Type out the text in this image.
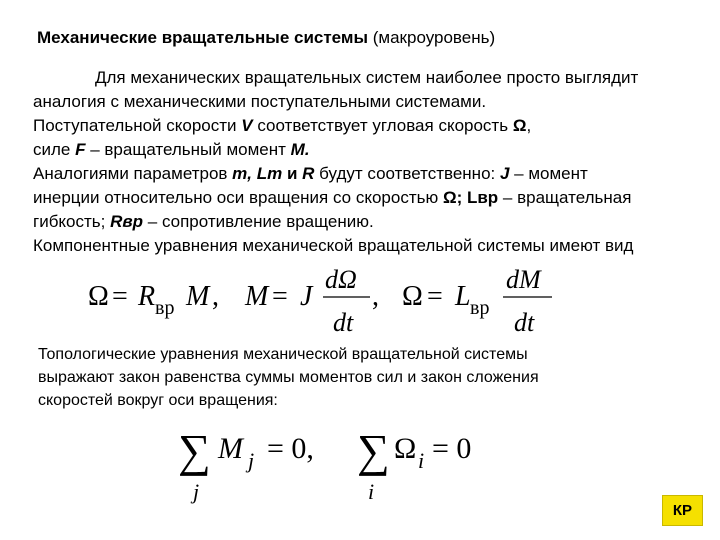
Механические вращательные системы (макроуровень)
Для механических вращательных систем наиболее просто выглядит
аналогия с механическими поступательными системами.
Поступательной скорости V соответствует угловая скорость Ω,
силе F – вращательный момент М.
Аналогиями параметров m, Lm и R будут соответственно: J – момент
инерции относительно оси вращения со скоростью Ω; Lвр – вращательная
гибкость; Rвр – сопротивление вращению.
Компонентные уравнения механической вращательной системы имеют вид
Ω = R вр M , M = J
dΩ
dt
, Ω = L вр
dM
dt
Топологические уравнения механической вращательной системы
выражают закон равенства суммы моментов сил и закон сложения
скоростей вокруг оси вращения:
∑ M j = 0,
j
∑ Ω i = 0
i
КР
